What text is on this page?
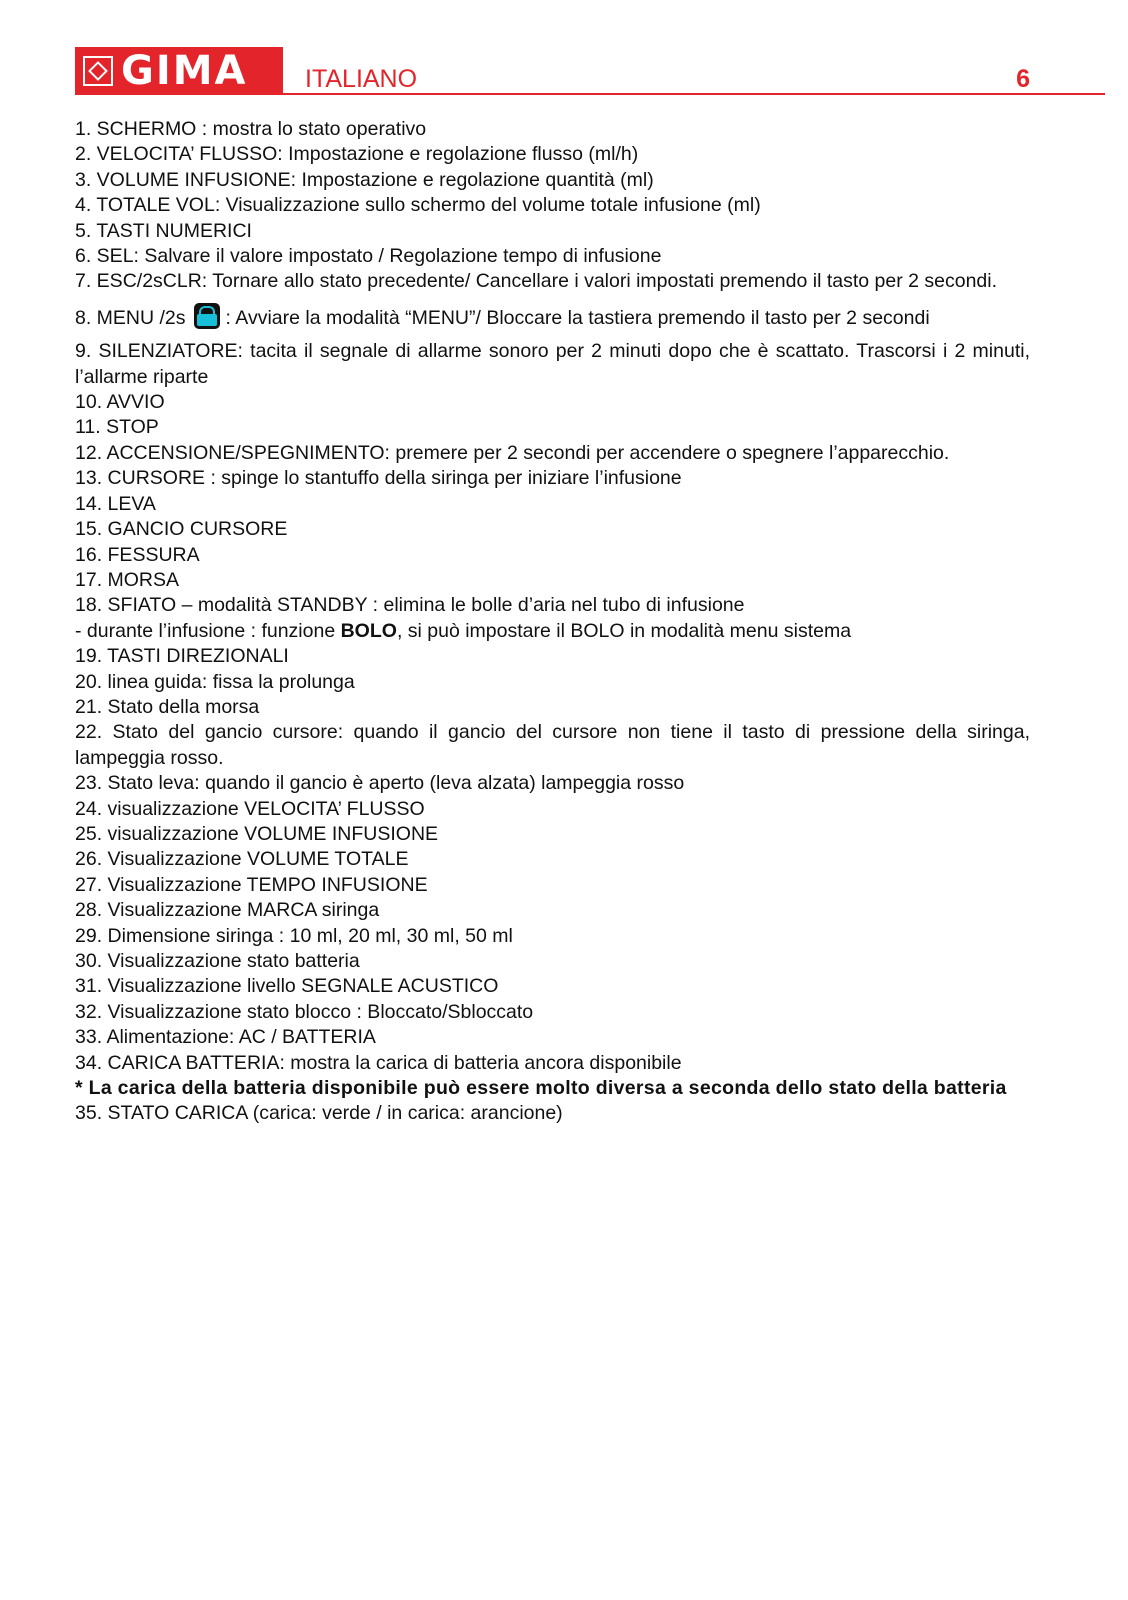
GIMA ITALIANO	6

1. SCHERMO : mostra lo stato operativo

2. VELOCITA’ FLUSSO: Impostazione e regolazione flusso (ml/h)

3. VOLUME INFUSIONE: Impostazione e regolazione quantità (ml)

4. TOTALE VOL: Visualizzazione sullo schermo del volume totale infusione (ml)

5. TASTI NUMERICI

6. SEL: Salvare il valore impostato / Regolazione tempo di infusione

7. ESC/2sCLR: Tornare allo stato precedente/ Cancellare i valori impostati premendo il tasto per 2 secondi.

8. MENU /2s : Avviare la modalità “MENU”/ Bloccare la tastiera premendo il tasto per 2 secondi

9. SILENZIATORE: tacita il segnale di allarme sonoro per 2 minuti dopo che è scattato. Trascorsi i 2 minuti, l’allarme riparte

10. AVVIO

11. STOP

12. ACCENSIONE/SPEGNIMENTO: premere per 2 secondi per accendere o spegnere l’apparecchio.

13. CURSORE : spinge lo stantuffo della siringa per iniziare l’infusione

14. LEVA

15. GANCIO CURSORE

16. FESSURA

17. MORSA

18. SFIATO – modalità STANDBY : elimina le bolle d’aria nel tubo di infusione

- durante l’infusione : funzione BOLO, si può impostare il BOLO in modalità menu sistema

19. TASTI DIREZIONALI

20. linea guida: fissa la prolunga

21. Stato della morsa

22. Stato del gancio cursore: quando il gancio del cursore non tiene il tasto di pressione della siringa, lampeggia rosso.

23. Stato leva: quando il gancio è aperto (leva alzata) lampeggia rosso

24. visualizzazione VELOCITA’ FLUSSO

25. visualizzazione VOLUME INFUSIONE

26. Visualizzazione VOLUME TOTALE

27. Visualizzazione TEMPO INFUSIONE

28. Visualizzazione MARCA siringa

29. Dimensione siringa : 10 ml, 20 ml, 30 ml, 50 ml

30. Visualizzazione stato batteria

31. Visualizzazione livello SEGNALE ACUSTICO

32. Visualizzazione stato blocco : Bloccato/Sbloccato

33. Alimentazione: AC / BATTERIA

34. CARICA BATTERIA: mostra la carica di batteria ancora disponibile

* La carica della batteria disponibile può essere molto diversa a seconda dello stato della batteria

35. STATO CARICA (carica: verde / in carica: arancione)
